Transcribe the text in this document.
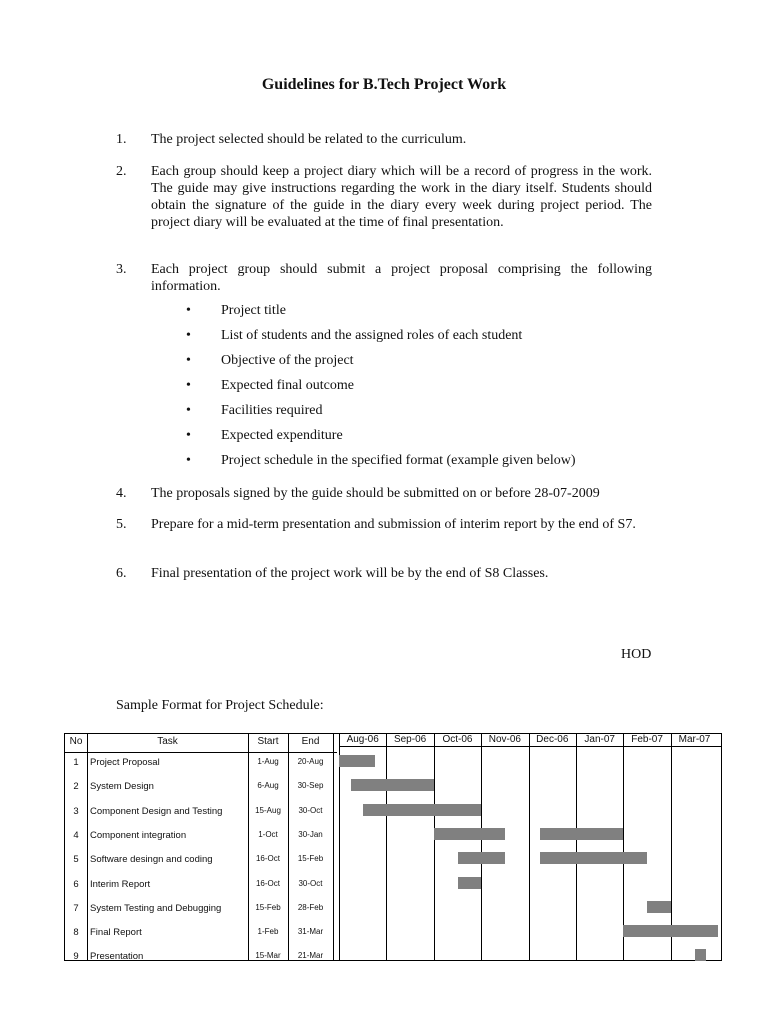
Guidelines for B.Tech Project Work
1. The project selected should be related to the curriculum.
2. Each group should keep a project diary which will be a record of progress in the work. The guide may give instructions regarding the work in the diary itself. Students should obtain the signature of the guide in the diary every week during project period. The project diary will be evaluated at the time of final presentation.
3. Each project group should submit a project proposal comprising the following information.
• Project title
• List of students and the assigned roles of each student
• Objective of the project
• Expected final outcome
• Facilities required
• Expected expenditure
• Project schedule in the specified format (example given below)
4. The proposals signed by the guide should be submitted on or before 28-07-2009
5. Prepare for a mid-term presentation and submission of interim report by the end of S7.
6. Final presentation of the project work will be by the end of S8 Classes.
HOD
Sample Format for Project Schedule:
No	Task	Start	End	Aug-06	Sep-06	Oct-06	Nov-06	Dec-06	Jan-07	Feb-07	Mar-07
1	Project Proposal	1-Aug	20-Aug
2	System Design	6-Aug	30-Sep
3	Component Design and Testing	15-Aug	30-Oct
4	Component integration	1-Oct	30-Jan
5	Software desingn and coding	16-Oct	15-Feb
6	Interim Report	16-Oct	30-Oct
7	System Testing and Debugging	15-Feb	28-Feb
8	Final Report	1-Feb	31-Mar
9	Presentation	15-Mar	21-Mar
